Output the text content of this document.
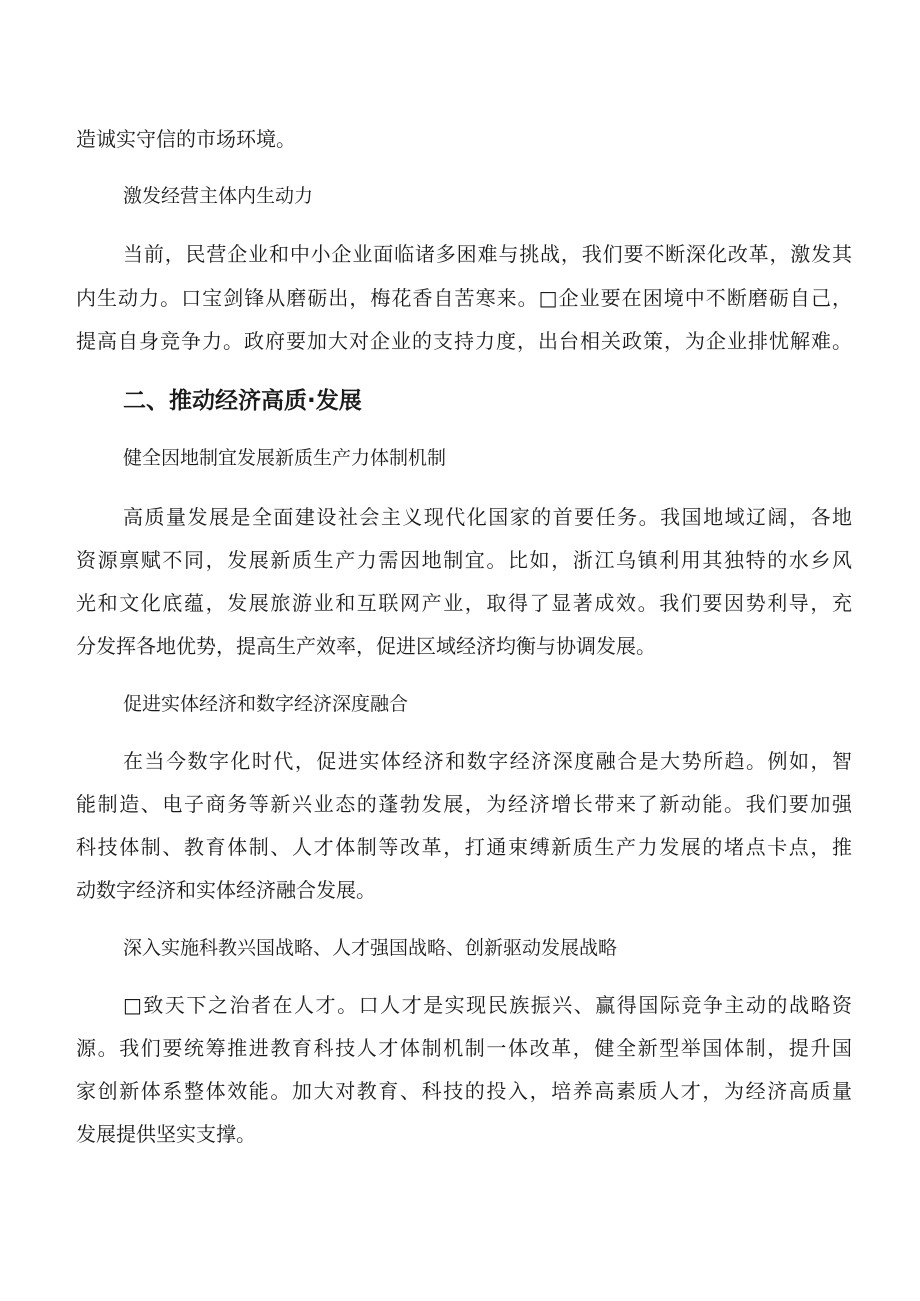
造诚实守信的市场环境。

激发经营主体内生动力

当前，民营企业和中小企业面临诸多困难与挑战，我们要不断深化改革，激发其

内生动力。口宝剑锋从磨砺出，梅花香自苦寒来。□企业要在困境中不断磨砺自己，

提高自身竞争力。政府要加大对企业的支持力度，出台相关政策，为企业排忧解难。

二、推动经济高质·发展

健全因地制宜发展新质生产力体制机制

高质量发展是全面建设社会主义现代化国家的首要任务。我国地域辽阔，各地

资源禀赋不同，发展新质生产力需因地制宜。比如，浙江乌镇利用其独特的水乡风

光和文化底蕴，发展旅游业和互联网产业，取得了显著成效。我们要因势利导，充

分发挥各地优势，提高生产效率，促进区域经济均衡与协调发展。

促进实体经济和数字经济深度融合

在当今数字化时代，促进实体经济和数字经济深度融合是大势所趋。例如，智

能制造、电子商务等新兴业态的蓬勃发展，为经济增长带来了新动能。我们要加强

科技体制、教育体制、人才体制等改革，打通束缚新质生产力发展的堵点卡点，推

动数字经济和实体经济融合发展。

深入实施科教兴国战略、人才强国战略、创新驱动发展战略

□致天下之治者在人才。口人才是实现民族振兴、赢得国际竞争主动的战略资

源。我们要统筹推进教育科技人才体制机制一体改革，健全新型举国体制，提升国

家创新体系整体效能。加大对教育、科技的投入，培养高素质人才，为经济高质量

发展提供坚实支撑。
